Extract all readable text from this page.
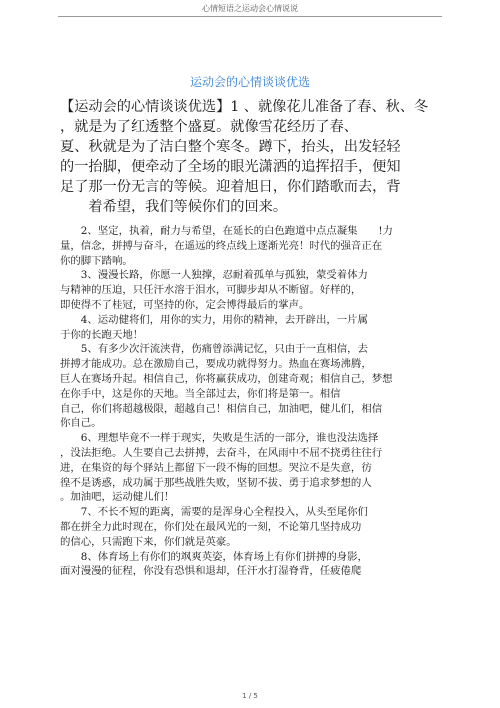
心情短语之运动会心情说说
运动会的心情谈谈优选
【运动会的心情谈谈优选】1 、就像花儿准备了春、秋、冬
，就是为了红透整个盛夏。就像雪花经历了春、
夏、秋就是为了洁白整个寒冬。蹲下，抬头，出发轻轻
的一抬脚，便牵动了全场的眼光潇洒的追挥招手，便知
足了那一份无言的等候。迎着旭日，你们踏歌而去，背
　　着希望，我们等候你们的回来。
　　2、坚定，执着，耐力与希望，在延长的白色跑道中点点凝集　　!力
量，信念，拼搏与奋斗，在遥远的终点线上逐渐光亮！时代的强音正在
你的脚下踏响。
　　3、漫漫长路，你愿一人独撑，忍耐着孤单与孤独，蒙受着体力
与精神的压迫，只任汗水溶于泪水，可脚步却从不断留。好样的，
即使得不了桂冠，可坚持的你，定会博得最后的掌声。
　　4、运动健将们，用你的实力，用你的精神，去开辟出，一片属
于你的长跑天地！
　　5、有多少次汗流浃背，伤痛曾添满记忆，只由于一直相信，去
拼搏才能成功。总在激励自己，要成功就得努力。热血在赛场沸腾，
巨人在赛场升起。相信自己，你将赢获成功，创建奇观；相信自己，梦想
在你手中，这是你的天地。当全部过去，你们将是第一。相信
自己，你们将超越极限，超越自己！相信自己，加油吧，健儿们，相信
你自己。
　　6、理想毕竟不一样于现实，失败是生活的一部分，谁也没法选择
，没法拒绝。人生要自己去拼搏，去奋斗，在风雨中不屈不挠勇往往行
进，在集资的每个驿站上都留下一段不悔的回想。哭泣不是失意，彷
徨不是诱惑，成功属于那些战胜失败，坚韧不拔、勇于追求梦想的人
。加油吧，运动健儿们！
　　7、不长不短的距离，需要的是浑身心全程投入，从头至尾你们
都在拼全力此时现在，你们处在最风光的一刻，不论第几坚持成功
的信心，只需跑下来，你们就是英豪。
　　8、体育场上有你们的飒爽英姿，体育场上有你们拼搏的身影，
面对漫漫的征程，你没有恐惧和退却，任汗水打湿脊背，任疲倦爬
1 / 5
